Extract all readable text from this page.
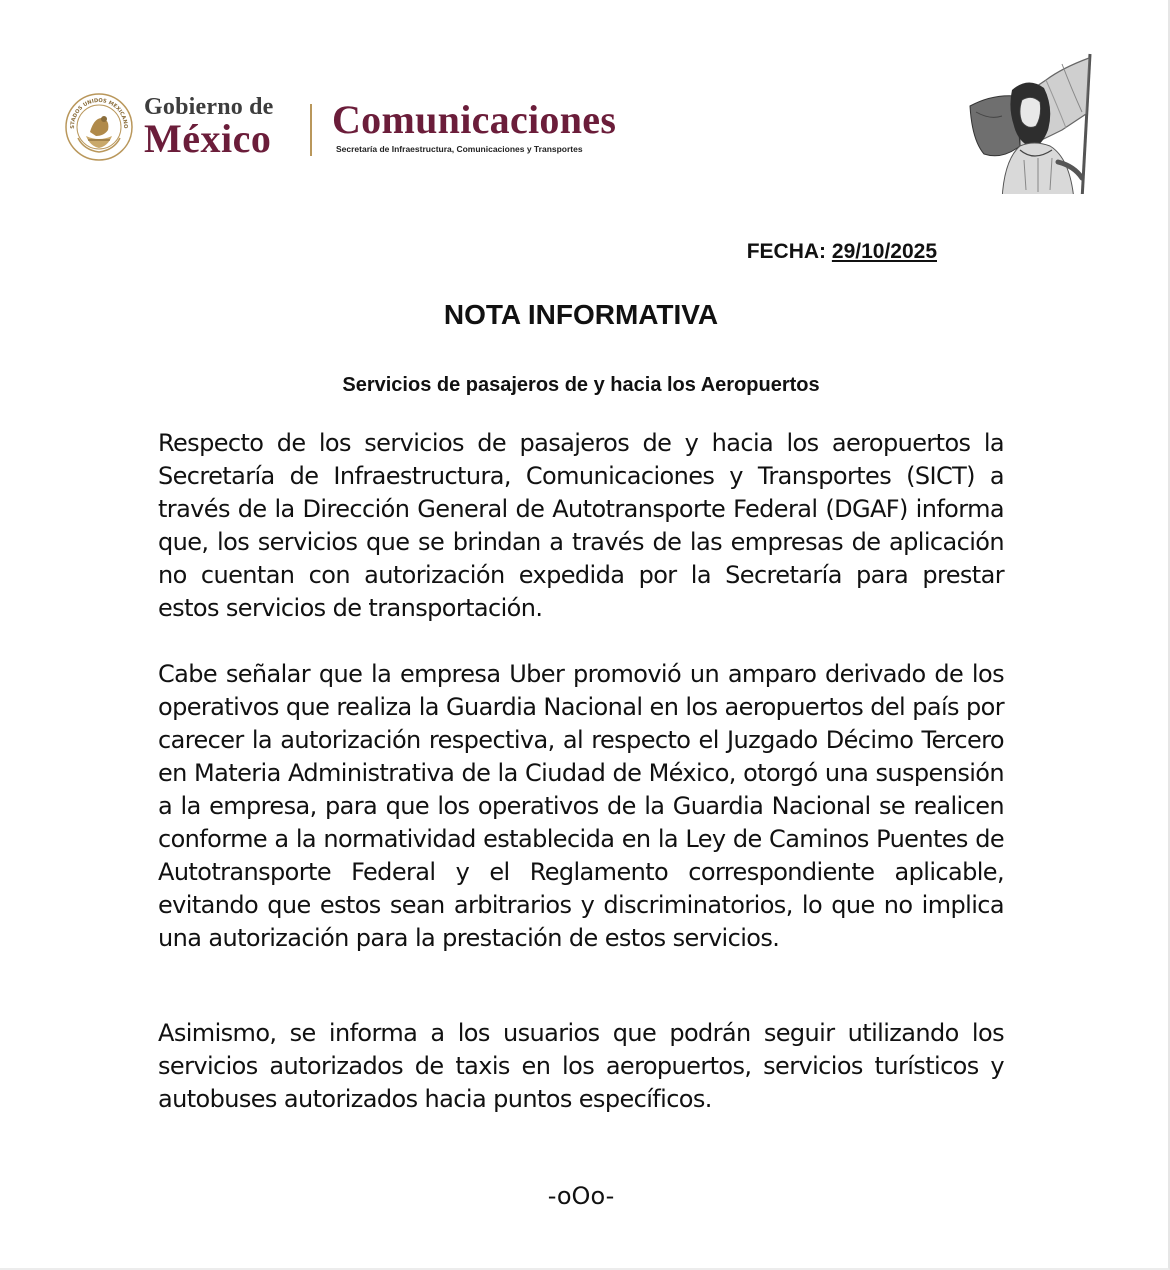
STADOS UNIDOS MEXICANO
Gobierno de
México Comunicaciones
Secretaría de Infraestructura, Comunicaciones y Transportes
FECHA: 29/10/2025
NOTA INFORMATIVA
Servicios de pasajeros de y hacia los Aeropuertos

Respecto de los servicios de pasajeros de y hacia los aeropuertos la Secretaría de Infraestructura, Comunicaciones y Transportes (SICT) a través de la Dirección General de Autotransporte Federal (DGAF) informa que, los servicios que se brindan a través de las empresas de aplicación no cuentan con autorización expedida por la Secretaría para prestar estos servicios de transportación.

Cabe señalar que la empresa Uber promovió un amparo derivado de los operativos que realiza la Guardia Nacional en los aeropuertos del país por carecer la autorización respectiva, al respecto el Juzgado Décimo Tercero en Materia Administrativa de la Ciudad de México, otorgó una suspensión a la empresa, para que los operativos de la Guardia Nacional se realicen conforme a la normatividad establecida en la Ley de Caminos Puentes de Autotransporte Federal y el Reglamento correspondiente aplicable, evitando que estos sean arbitrarios y discriminatorios, lo que no implica una autorización para la prestación de estos servicios.

Asimismo, se informa a los usuarios que podrán seguir utilizando los servicios autorizados de taxis en los aeropuertos, servicios turísticos y autobuses autorizados hacia puntos específicos.

-oOo-
